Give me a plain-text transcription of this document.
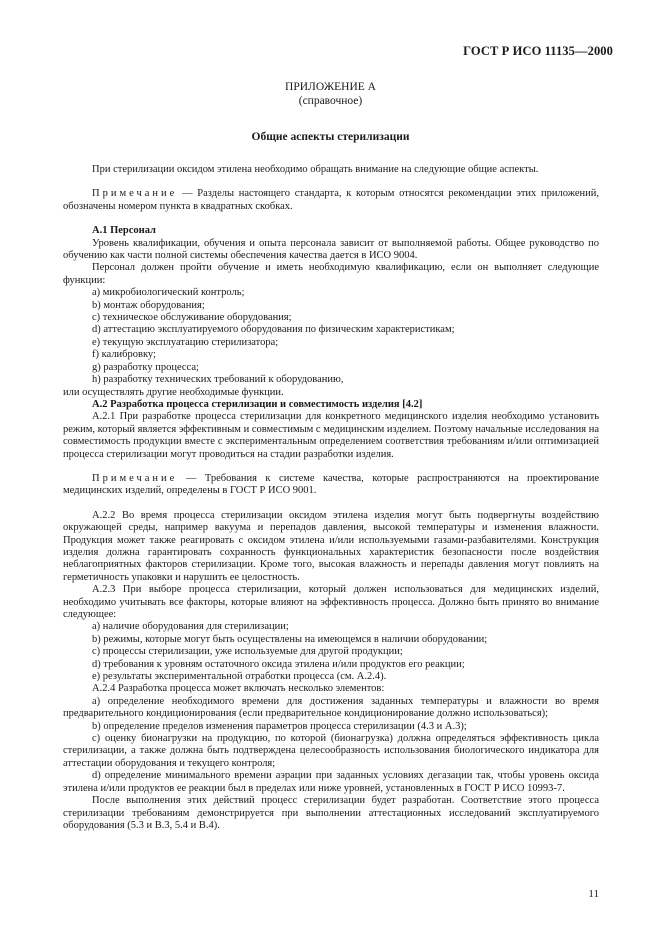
ГОСТ Р ИСО 11135—2000
ПРИЛОЖЕНИЕ А
(справочное)
Общие аспекты стерилизации

При стерилизации оксидом этилена необходимо обращать внимание на следующие общие аспекты.

Примечание — Разделы настоящего стандарта, к которым относятся рекомендации этих приложений, обозначены номером пункта в квадратных скобках.

А.1 Персонал

Уровень квалификации, обучения и опыта персонала зависит от выполняемой работы. Общее руководство по обучению как части полной системы обеспечения качества дается в ИСО 9004.

Персонал должен пройти обучение и иметь необходимую квалификацию, если он выполняет следующие функции:

a) микробиологический контроль;

b) монтаж оборудования;

c) техническое обслуживание оборудования;

d) аттестацию эксплуатируемого оборудования по физическим характеристикам;

e) текущую эксплуатацию стерилизатора;

f) калибровку;

g) разработку процесса;

h) разработку технических требований к оборудованию,

или осуществлять другие необходимые функции.

А.2 Разработка процесса стерилизации и совместимость изделия [4.2]

А.2.1 При разработке процесса стерилизации для конкретного медицинского изделия необходимо установить режим, который является эффективным и совместимым с медицинским изделием. Поэтому начальные исследования на совместимость продукции вместе с экспериментальным определением соответствия требованиям и/или оптимизацией процесса стерилизации могут проводиться на стадии разработки изделия.

Примечание — Требования к системе качества, которые распространяются на проектирование медицинских изделий, определены в ГОСТ Р ИСО 9001.

А.2.2 Во время процесса стерилизации оксидом этилена изделия могут быть подвергнуты воздействию окружающей среды, например вакуума и перепадов давления, высокой температуры и изменения влажности. Продукция может также реагировать с оксидом этилена и/или используемыми газами-разбавителями. Конструкция изделия должна гарантировать сохранность функциональных характеристик безопасности после воздействия неблагоприятных факторов стерилизации. Кроме того, высокая влажность и перепады давления могут повлиять на герметичность упаковки и нарушить ее целостность.

А.2.3 При выборе процесса стерилизации, который должен использоваться для медицинских изделий, необходимо учитывать все факторы, которые влияют на эффективность процесса. Должно быть принято во внимание следующее:

a) наличие оборудования для стерилизации;

b) режимы, которые могут быть осуществлены на имеющемся в наличии оборудовании;

c) процессы стерилизации, уже используемые для другой продукции;

d) требования к уровням остаточного оксида этилена и/или продуктов его реакции;

e) результаты экспериментальной отработки процесса (см. А.2.4).

А.2.4 Разработка процесса может включать несколько элементов:

a) определение необходимого времени для достижения заданных температуры и влажности во время предварительного кондиционирования (если предварительное кондиционирование должно использоваться);

b) определение пределов изменения параметров процесса стерилизации (4.3 и А.3);

c) оценку бионагрузки на продукцию, по которой (бионагрузка) должна определяться эффективность цикла стерилизации, а также должна быть подтверждена целесообразность использования биологического индикатора для аттестации оборудования и текущего контроля;

d) определение минимального времени аэрации при заданных условиях дегазации так, чтобы уровень оксида этилена и/или продуктов ее реакции был в пределах или ниже уровней, установленных в ГОСТ Р ИСО 10993-7.

После выполнения этих действий процесс стерилизации будет разработан. Соответствие этого процесса стерилизации требованиям демонстрируется при выполнении аттестационных исследований эксплуатируемого оборудования (5.3 и В.3, 5.4 и В.4).

11
